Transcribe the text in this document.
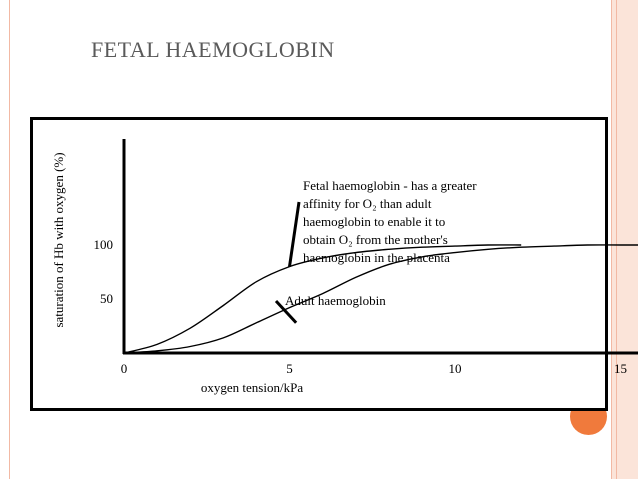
FETAL HAEMOGLOBIN
0	5	10	15
50
100
Fetal haemoglobin - has a greater
affinity for O₂ than adult
haemoglobin to enable it to
obtain O₂ from the mother's
haemoglobin in the placenta
Adult haemoglobin
saturation of Hb with oxygen (%)
oxygen tension/kPa
